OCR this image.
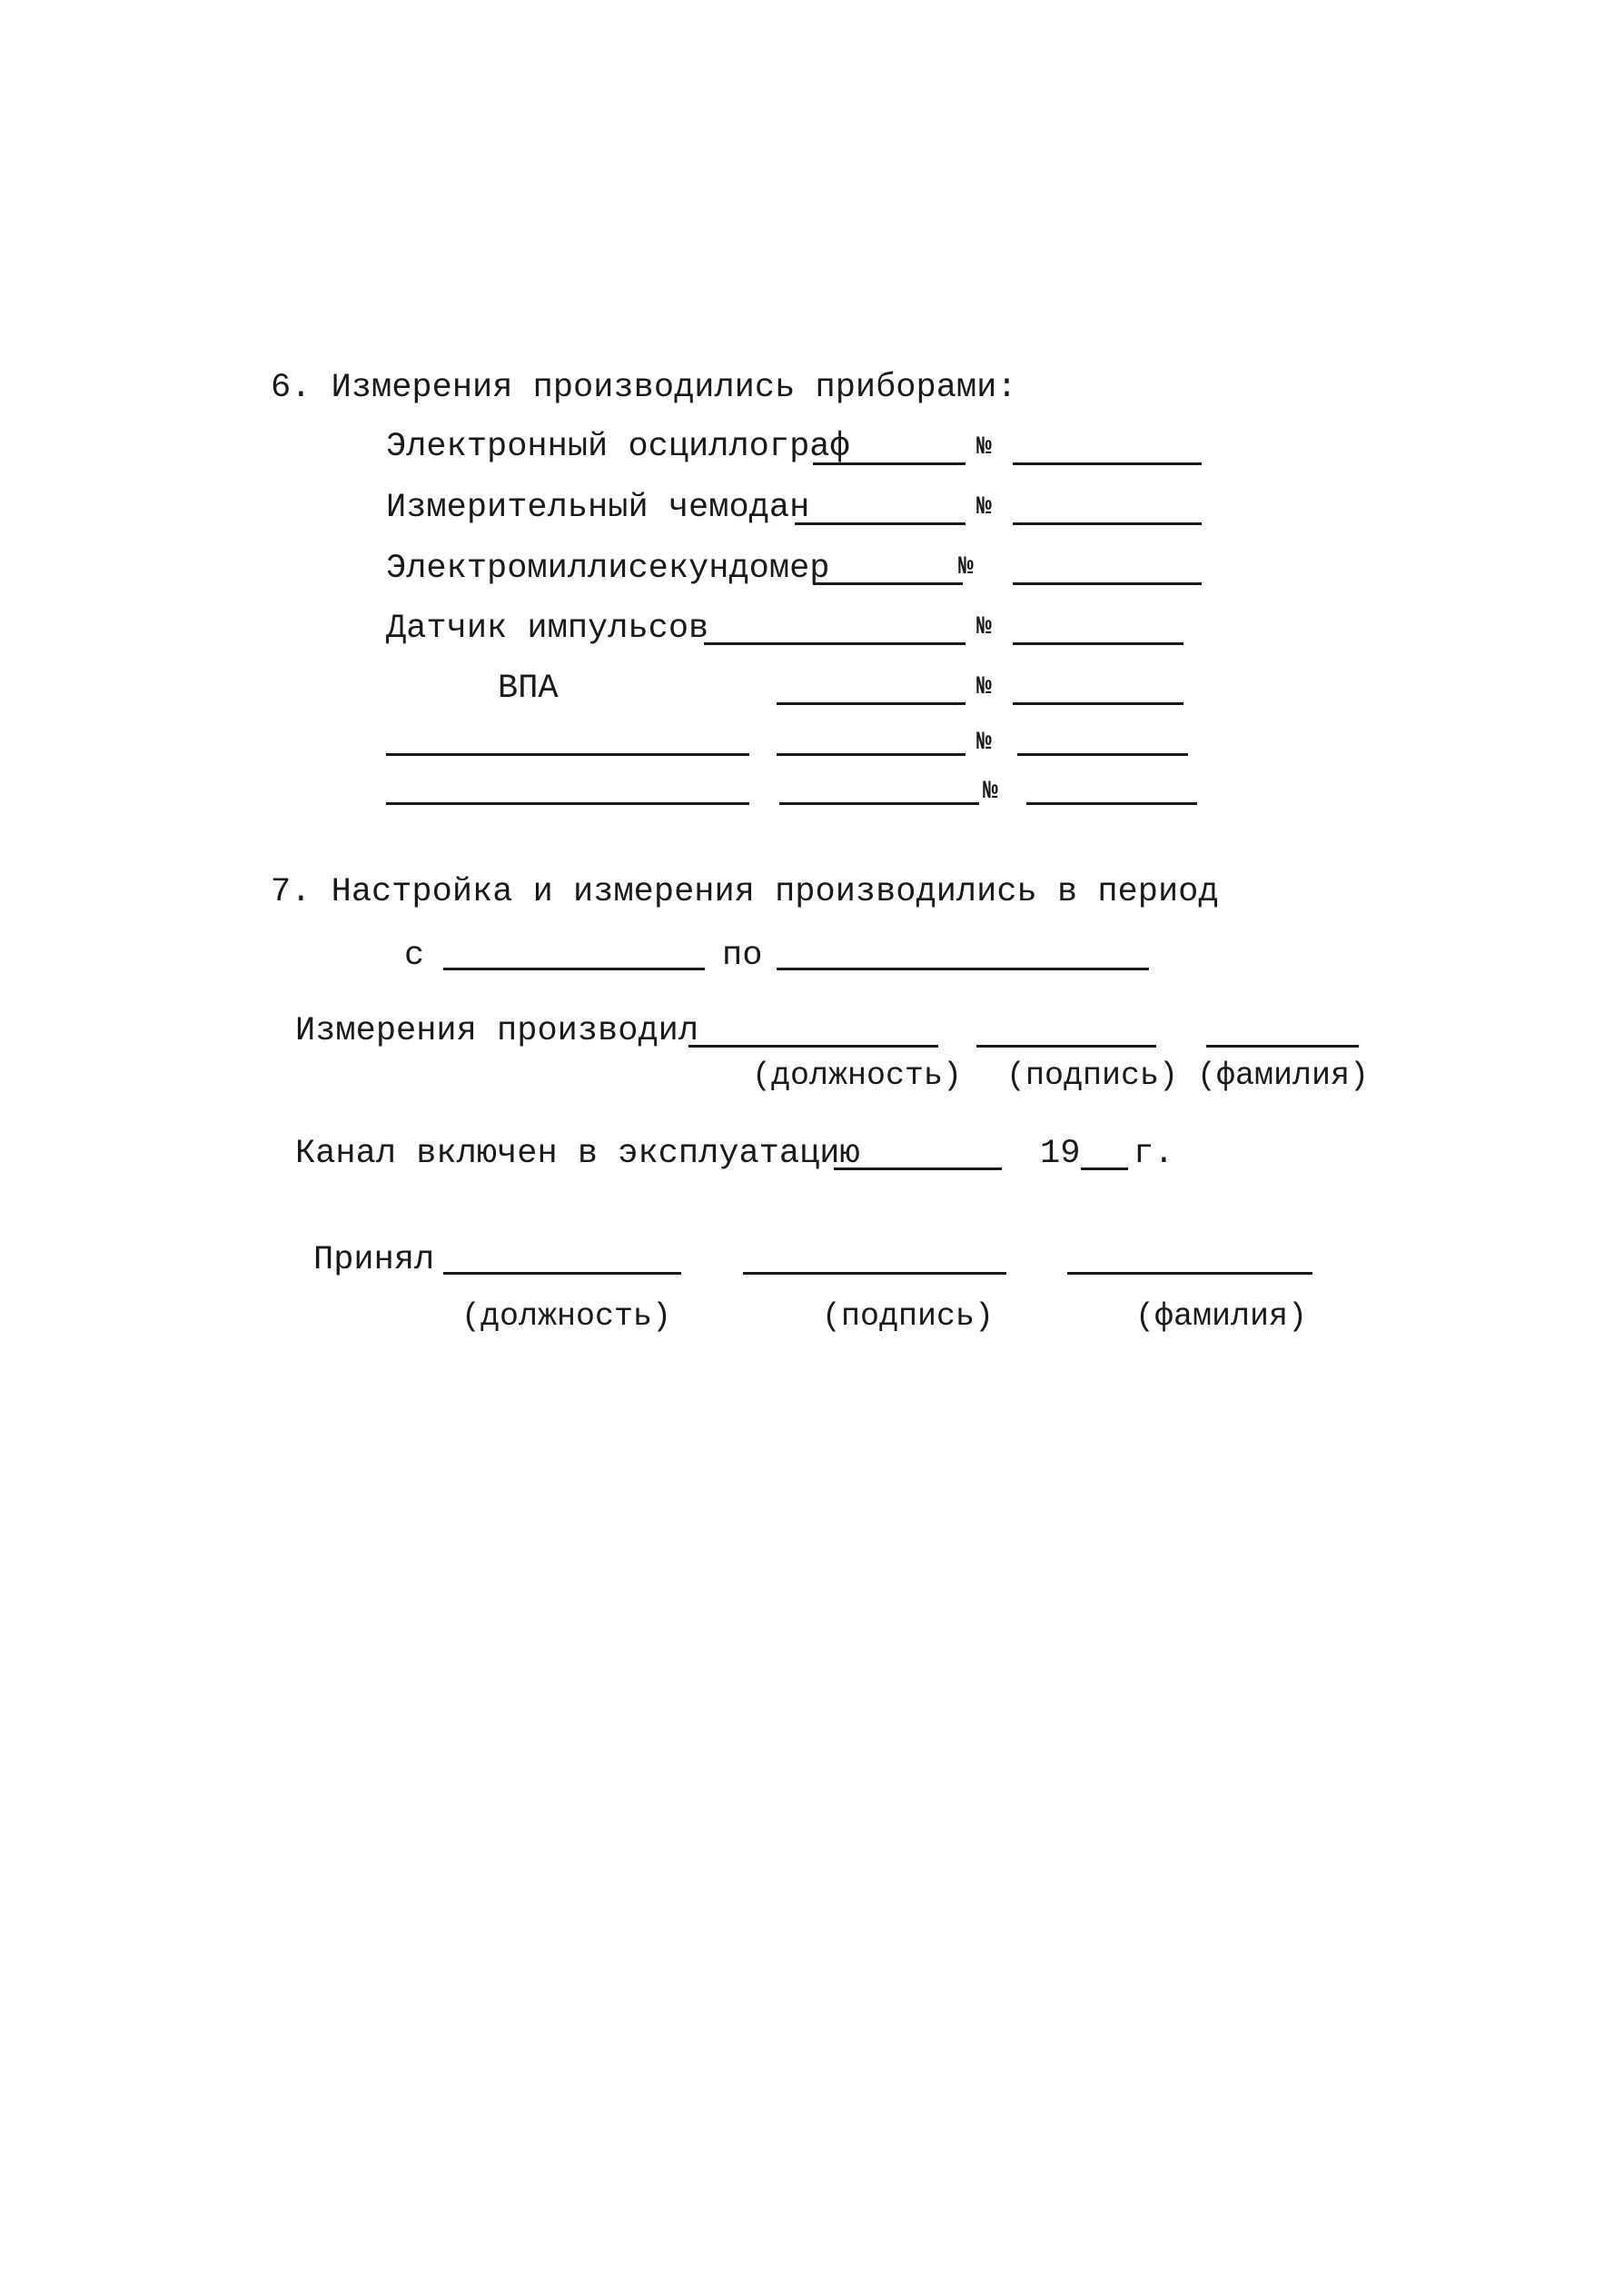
6. Измерения производились приборами:
Электронный осциллограф	№
Измерительный чемодан	№
Электромиллисекундомер	№
Датчик импульсов	№
ВПА	№
№
№
7. Настройка и измерения производились в период
с	по
Измерения производил
(должность) (подпись) (фамилия)
Канал включен в эксплуатацию	19 г.
Принял
(должность)	(подпись)	(фамилия)
